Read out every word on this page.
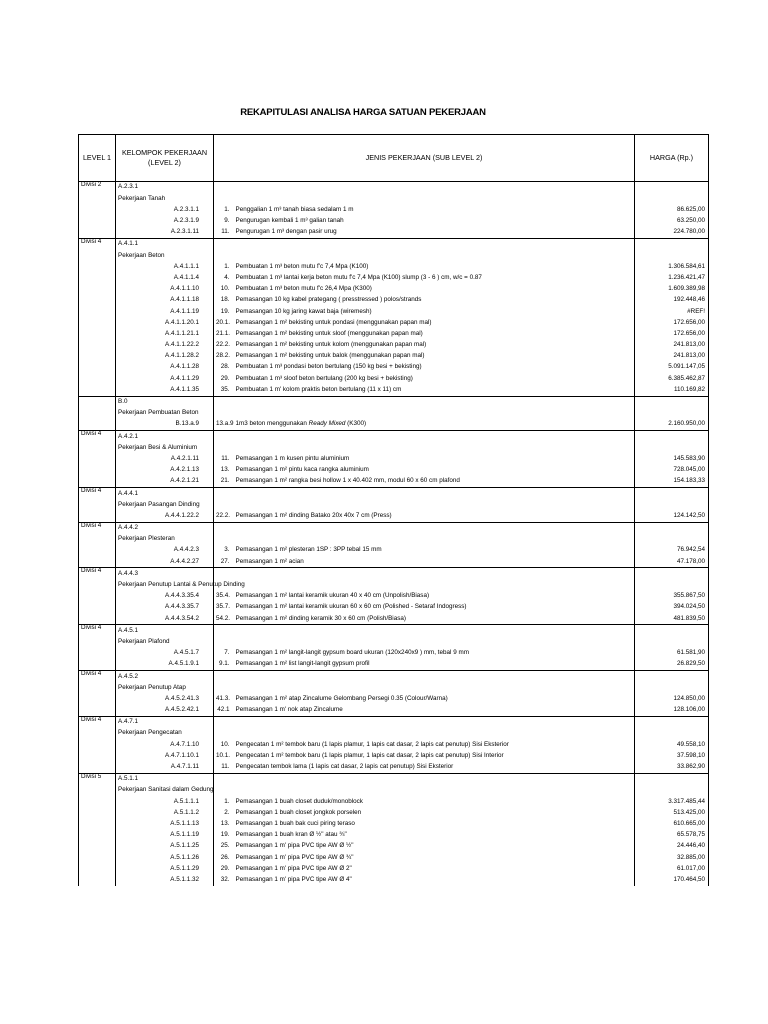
REKAPITULASI ANALISA HARGA SATUAN PEKERJAAN
LEVEL 1	KELOMPOK PEKERJAAN
(LEVEL 2)	JENIS PEKERJAAN (SUB LEVEL 2)		HARGA (Rp.)
Divisi 2	A.2.3.1			
	Pekerjaan Tanah			
	A.2.3.1.1	1.	Penggalian 1 m³ tanah biasa sedalam 1 m	86.625,00
	A.2.3.1.9	9.	Pengurugan kembali 1 m³ galian tanah	63.250,00
	A.2.3.1.11	11.	Pengurugan 1 m³ dengan pasir urug	224.780,00
Divisi 4	A.4.1.1			
	Pekerjaan Beton			
	A.4.1.1.1	1.	Pembuatan 1 m³ beton mutu f'c 7,4 Mpa (K100)	1.306.584,61
	A.4.1.1.4	4.	Pembuatan 1 m³ lantai kerja beton mutu f'c 7,4 Mpa (K100) slump (3 - 6 ) cm, w/c = 0.87	1.236.421,47
	A.4.1.1.10	10.	Pembuatan 1 m³ beton mutu f'c 26,4 Mpa (K300)	1.609.389,98
	A.4.1.1.18	18.	Pemasangan 10 kg kabel prategang ( presstressed ) polos/strands	192.448,46
	A.4.1.1.19	19.	Pemasangan 10 kg jaring kawat baja (wiremesh)	#REF!
	A.4.1.1.20.1	20.1.	Pemasangan 1 m² bekisting untuk pondasi (menggunakan papan mal)	172.656,00
	A.4.1.1.21.1	21.1.	Pemasangan 1 m² bekisting untuk sloof (menggunakan papan mal)	172.656,00
	A.4.1.1.22.2	22.2.	Pemasangan 1 m² bekisting untuk kolom (menggunakan papan mal)	241.813,00
	A.4.1.1.28.2	28.2.	Pemasangan 1 m² bekisting untuk balok (menggunakan papan mal)	241.813,00
	A.4.1.1.28	28.	Pembuatan 1 m³ pondasi beton bertulang (150 kg besi + bekisting)	5.091.147,05
	A.4.1.1.29	29.	Pembuatan 1 m³ sloof beton bertulang (200 kg besi + bekisting)	6.385.462,87
	A.4.1.1.35	35.	Pembuatan 1 m' kolom praktis beton bertulang (11 x 11) cm	110.169,82
	B.0			
	Pekerjaan Pembuatan Beton			
	B.13.a.9	13.a.9	1m3 beton menggunakan Ready Mixed (K300)	2.160.950,00
Divisi 4	A.4.2.1			
	Pekerjaan Besi & Aluminium			
	A.4.2.1.11	11.	Pemasangan 1 m kusen pintu aluminium	145.583,90
	A.4.2.1.13	13.	Pemasangan 1 m² pintu kaca rangka aluminium	728.045,00
	A.4.2.1.21	21.	Pemasangan 1 m² rangka besi hollow 1 x 40.402 mm, modul 60 x 60 cm plafond	154.183,33
Divisi 4	A.4.4.1			
	Pekerjaan Pasangan Dinding			
	A.4.4.1.22.2	22.2.	Pemasangan 1 m² dinding Batako 20x 40x 7 cm (Press)	124.142,50
Divisi 4	A.4.4.2			
	Pekerjaan Plesteran			
	A.4.4.2.3	3.	Pemasangan 1 m² plesteran 1SP : 3PP tebal 15 mm	76.942,54
	A.4.4.2.27	27.	Pemasangan 1 m² acian	47.178,00
Divisi 4	A.4.4.3			
	Pekerjaan Penutup Lantai & Penutup Dinding			
	A.4.4.3.35.4	35.4.	Pemasangan 1 m² lantai keramik ukuran 40 x 40 cm (Unpolish/Biasa)	355.867,50
	A.4.4.3.35.7	35.7.	Pemasangan 1 m² lantai keramik ukuran 60 x 60 cm (Polished - Setaraf Indogress)	394.024,50
	A.4.4.3.54.2	54.2.	Pemasangan 1 m² dinding keramik 30 x 60 cm (Polish/Biasa)	481.839,50
Divisi 4	A.4.5.1			
	Pekerjaan Plafond			
	A.4.5.1.7	7.	Pemasangan 1 m² langit-langit gypsum board ukuran (120x240x9 ) mm, tebal 9 mm	61.581,90
	A.4.5.1.9.1	9.1.	Pemasangan 1 m² list langit-langit gypsum profil	26.829,50
Divisi 4	A.4.5.2			
	Pekerjaan Penutup Atap			
	A.4.5.2.41.3	41.3.	Pemasangan 1 m² atap Zincalume Gelombang Persegi 0.35 (Colour/Warna)	124.850,00
	A.4.5.2.42.1	42.1	Pemasangan 1 m' nok atap Zincalume	128.106,00
Divisi 4	A.4.7.1			
	Pekerjaan Pengecatan			
	A.4.7.1.10	10.	Pengecatan 1 m² tembok baru (1 lapis plamur, 1 lapis cat dasar, 2 lapis cat penutup) Sisi Eksterior	49.558,10
	A.4.7.1.10.1	10.1.	Pengecatan 1 m² tembok baru (1 lapis plamur, 1 lapis cat dasar, 2 lapis cat penutup) Sisi Interior	37.598,10
	A.4.7.1.11	11.	Pengecatan tembok lama (1 lapis cat dasar, 2 lapis cat penutup) Sisi Eksterior	33.862,90
Divisi 5	A.5.1.1			
	Pekerjaan Sanitasi dalam Gedung			
	A.5.1.1.1	1.	Pemasangan 1 buah closet duduk/monoblock	3.317.485,44
	A.5.1.1.2	2.	Pemasangan 1 buah closet jongkok porselen	513.425,00
	A.5.1.1.13	13.	Pemasangan 1 buah bak cuci piring teraso	610.665,00
	A.5.1.1.19	19.	Pemasangan 1 buah kran Ø ½" atau ¾"	65.578,75
	A.5.1.1.25	25.	Pemasangan 1 m' pipa PVC tipe AW Ø ½"	24.446,40
	A.5.1.1.26	26.	Pemasangan 1 m' pipa PVC tipe AW Ø ¾"	32.885,00
	A.5.1.1.29	29.	Pemasangan 1 m' pipa PVC tipe AW Ø 2"	61.017,00
	A.5.1.1.32	32.	Pemasangan 1 m' pipa PVC tipe AW Ø 4"	170.464,50
